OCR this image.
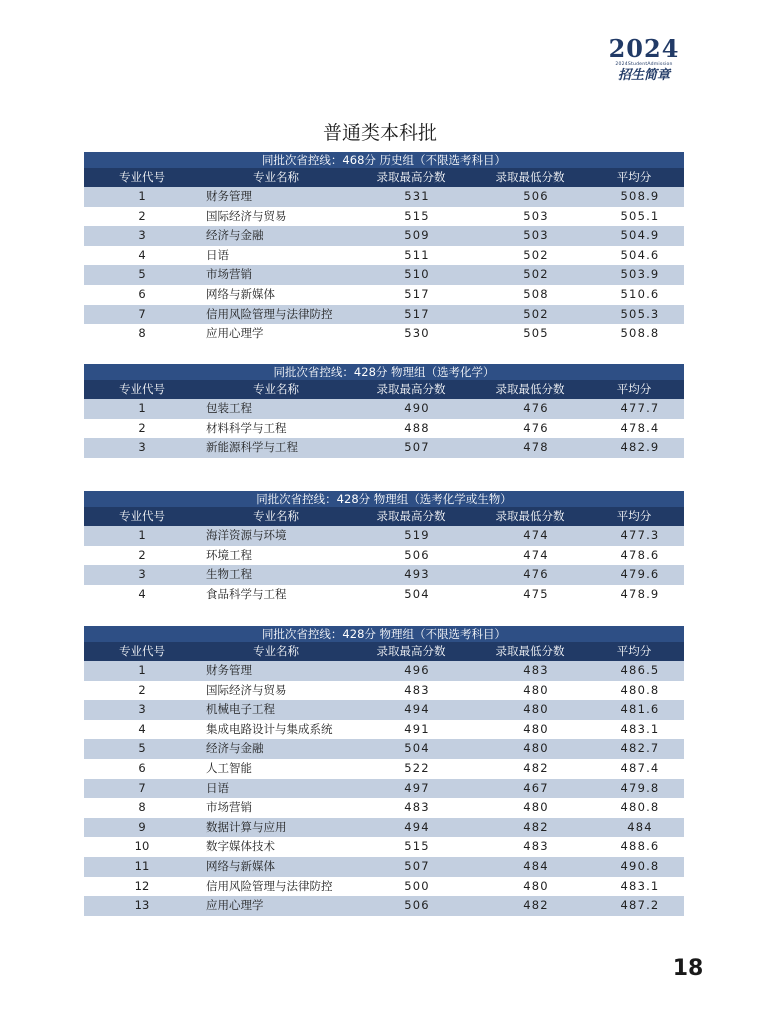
2024
2024StudentAdmission
招生简章
普通类本科批
同批次省控线：468分 历史组（不限选考科目）
专业代号	专业名称	录取最高分数	录取最低分数	平均分
1	财务管理	531	506	508.9
2	国际经济与贸易	515	503	505.1
3	经济与金融	509	503	504.9
4	日语	511	502	504.6
5	市场营销	510	502	503.9
6	网络与新媒体	517	508	510.6
7	信用风险管理与法律防控	517	502	505.3
8	应用心理学	530	505	508.8
同批次省控线：428分 物理组（选考化学）
专业代号	专业名称	录取最高分数	录取最低分数	平均分
1	包装工程	490	476	477.7
2	材料科学与工程	488	476	478.4
3	新能源科学与工程	507	478	482.9
同批次省控线：428分 物理组（选考化学或生物）
专业代号	专业名称	录取最高分数	录取最低分数	平均分
1	海洋资源与环境	519	474	477.3
2	环境工程	506	474	478.6
3	生物工程	493	476	479.6
4	食品科学与工程	504	475	478.9
同批次省控线：428分 物理组（不限选考科目）
专业代号	专业名称	录取最高分数	录取最低分数	平均分
1	财务管理	496	483	486.5
2	国际经济与贸易	483	480	480.8
3	机械电子工程	494	480	481.6
4	集成电路设计与集成系统	491	480	483.1
5	经济与金融	504	480	482.7
6	人工智能	522	482	487.4
7	日语	497	467	479.8
8	市场营销	483	480	480.8
9	数据计算与应用	494	482	484
10	数字媒体技术	515	483	488.6
11	网络与新媒体	507	484	490.8
12	信用风险管理与法律防控	500	480	483.1
13	应用心理学	506	482	487.2
18
